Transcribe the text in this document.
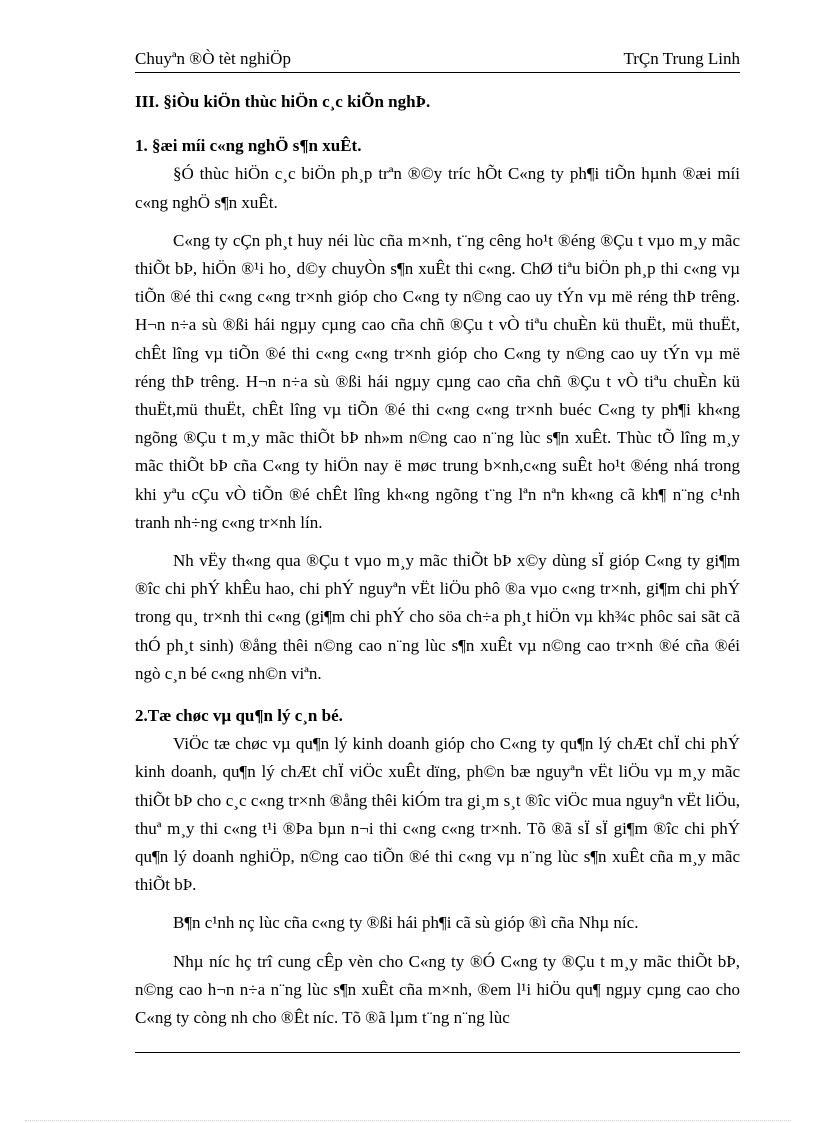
Chuyªn ®Ò tèt nghiÖp	TrÇn Trung Linh
III. §iÒu kiÖn thùc hiÖn c¸c kiÕn nghÞ.
1. §æi míi c«ng nghÖ s¶n xuÊt.

§Ó thùc hiÖn c¸c biÖn ph¸p trªn ®©y tríc hÕt C«ng ty ph¶i tiÕn hµnh ®æi míi c«ng nghÖ s¶n xuÊt.

C«ng ty cÇn ph¸t huy néi lùc cña m×nh, t¨ng cêng ho¹t ®éng ®Çu t vµo m¸y mãc thiÕt bÞ, hiÖn ®¹i ho¸ d©y chuyÒn s¶n xuÊt thi c«ng. ChØ tiªu biÖn ph¸p thi c«ng vµ tiÕn ®é thi c«ng c«ng tr×nh gióp cho C«ng ty n©ng cao uy tÝn vµ më réng thÞ trêng. H¬n n÷a sù ®ßi hái ngµy cµng cao cña chñ ®Çu t vÒ tiªu chuÈn kü thuËt, mü thuËt, chÊt lîng vµ tiÕn ®é thi c«ng c«ng tr×nh gióp cho C«ng ty n©ng cao uy tÝn vµ më réng thÞ trêng. H¬n n÷a sù ®ßi hái ngµy cµng cao cña chñ ®Çu t vÒ tiªu chuÈn kü thuËt,mü thuËt, chÊt lîng vµ tiÕn ®é thi c«ng c«ng tr×nh buéc C«ng ty ph¶i kh«ng ngõng ®Çu t m¸y mãc thiÕt bÞ nh»m n©ng cao n¨ng lùc s¶n xuÊt. Thùc tÕ lîng m¸y mãc thiÕt bÞ cña C«ng ty hiÖn nay ë møc trung b×nh,c«ng suÊt ho¹t ®éng nhá trong khi yªu cÇu vÒ tiÕn ®é chÊt lîng kh«ng ngõng t¨ng lªn nªn kh«ng cã kh¶ n¨ng c¹nh tranh nh÷ng c«ng tr×nh lín.

Nh vËy th«ng qua ®Çu t vµo m¸y mãc thiÕt bÞ x©y dùng sÏ gióp C«ng ty gi¶m ®îc chi phÝ khÊu hao, chi phÝ nguyªn vËt liÖu phô ®a vµo c«ng tr×nh, gi¶m chi phÝ trong qu¸ tr×nh thi c«ng (gi¶m chi phÝ cho söa ch÷a ph¸t hiÖn vµ kh¾c phôc sai sãt cã thÓ ph¸t sinh) ®ång thêi n©ng cao n¨ng lùc s¶n xuÊt vµ n©ng cao tr×nh ®é cña ®éi ngò c¸n bé c«ng nh©n viªn.

2.Tæ chøc vµ qu¶n lý c¸n bé.

ViÖc tæ chøc vµ qu¶n lý kinh doanh gióp cho C«ng ty qu¶n lý chÆt chÏ chi phÝ kinh doanh, qu¶n lý chÆt chÏ viÖc xuÊt dïng, ph©n bæ nguyªn vËt liÖu vµ m¸y mãc thiÕt bÞ cho c¸c c«ng tr×nh ®ång thêi kiÓm tra gi¸m s¸t ®îc viÖc mua nguyªn vËt liÖu, thuª m¸y thi c«ng t¹i ®Þa bµn n¬i thi c«ng c«ng tr×nh. Tõ ®ã sÏ sÏ gi¶m ®îc chi phÝ qu¶n lý doanh nghiÖp, n©ng cao tiÕn ®é thi c«ng vµ n¨ng lùc s¶n xuÊt cña m¸y mãc thiÕt bÞ.

B¶n c¹nh nç lùc cña c«ng ty ®ßi hái ph¶i cã sù gióp ®ì cña Nhµ níc.

Nhµ níc hç trî cung cÊp vèn cho C«ng ty ®Ó C«ng ty ®Çu t m¸y mãc thiÕt bÞ, n©ng cao h¬n n÷a n¨ng lùc s¶n xuÊt cña m×nh, ®em l¹i hiÖu qu¶ ngµy cµng cao cho C«ng ty còng nh cho ®Êt níc. Tõ ®ã lµm t¨ng n¨ng lùc
